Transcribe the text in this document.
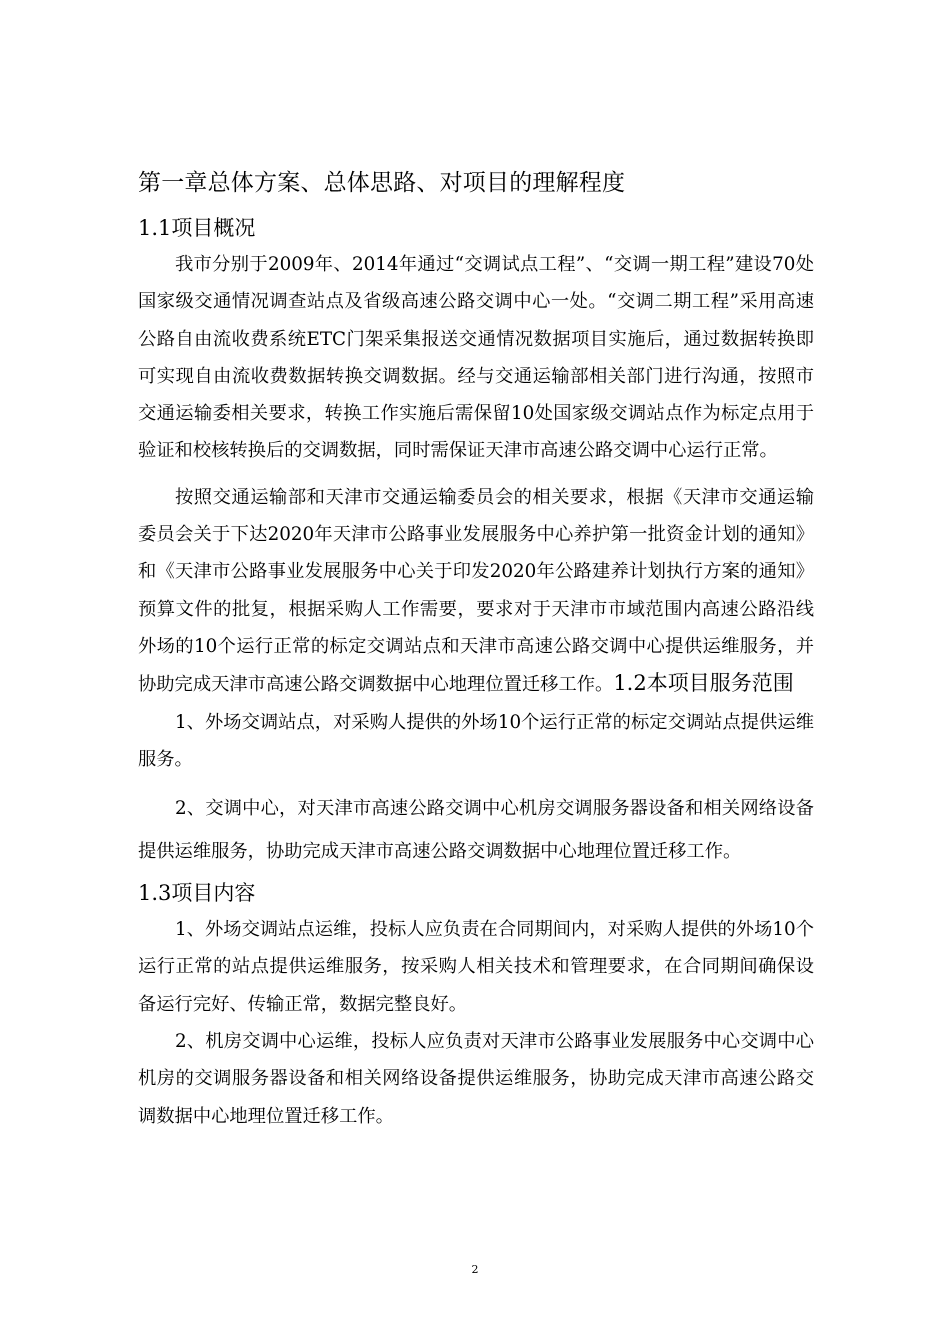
第一章总体方案、总体思路、对项目的理解程度
1.1项目概况

我市分别于2009年、2014年通过“交调试点工程”、“交调一期工程”建设70处国家级交通情况调查站点及省级高速公路交调中心一处。“交调二期工程”采用高速公路自由流收费系统ETC门架采集报送交通情况数据项目实施后，通过数据转换即可实现自由流收费数据转换交调数据。经与交通运输部相关部门进行沟通，按照市交通运输委相关要求，转换工作实施后需保留10处国家级交调站点作为标定点用于验证和校核转换后的交调数据，同时需保证天津市高速公路交调中心运行正常。

按照交通运输部和天津市交通运输委员会的相关要求，根据《天津市交通运输委员会关于下达2020年天津市公路事业发展服务中心养护第一批资金计划的通知》和《天津市公路事业发展服务中心关于印发2020年公路建养计划执行方案的通知》预算文件的批复，根据采购人工作需要，要求对于天津市市域范围内高速公路沿线外场的10个运行正常的标定交调站点和天津市高速公路交调中心提供运维服务，并协助完成天津市高速公路交调数据中心地理位置迁移工作。1.2本项目服务范围

1、外场交调站点，对采购人提供的外场10个运行正常的标定交调站点提供运维服务。

2、交调中心，对天津市高速公路交调中心机房交调服务器设备和相关网络设备提供运维服务，协助完成天津市高速公路交调数据中心地理位置迁移工作。

1.3项目内容

1、外场交调站点运维，投标人应负责在合同期间内，对采购人提供的外场10个运行正常的站点提供运维服务，按采购人相关技术和管理要求，在合同期间确保设备运行完好、传输正常，数据完整良好。

2、机房交调中心运维，投标人应负责对天津市公路事业发展服务中心交调中心机房的交调服务器设备和相关网络设备提供运维服务，协助完成天津市高速公路交调数据中心地理位置迁移工作。

2
